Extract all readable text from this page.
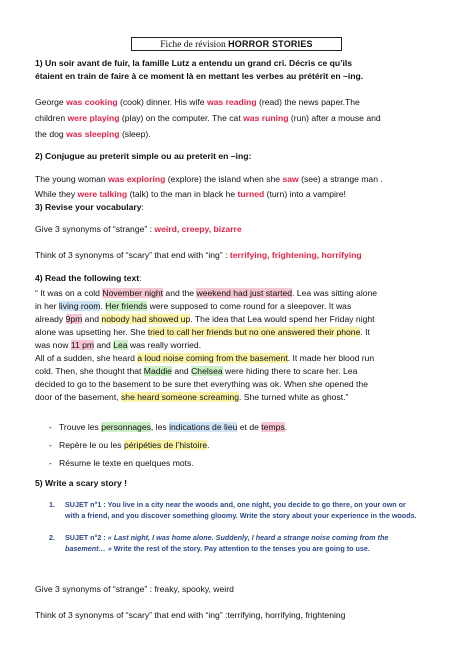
Fiche de révision HORROR STORIES

1) Un soir avant de fuir, la famille Lutz a entendu un grand cri. Décris ce qu’ils

étaient en train de faire à ce moment là en mettant les verbes au prétérit en –ing.

George was cooking (cook) dinner. His wife was reading (read) the news paper.The

children were playing (play) on the computer. The cat was runing (run) after a mouse and

the dog was sleeping (sleep).

2) Conjugue au preterit simple ou au preterit en –ing:

The young woman was exploring (explore) the island when she saw (see) a strange man .

While they were talking (talk) to the man in black he turned (turn) into a vampire!

3) Revise your vocabulary:

Give 3 synonyms of “strange” : weird, creepy, bizarre

Think of 3 synonyms of “scary” that end with “ing” : terrifying, frightening, horrifying

4) Read the following text:

“ It was on a cold November night and the weekend had just started. Lea was sitting alone

in her living room. Her friends were supposed to come round for a sleepover. It was

already 9pm and nobody had showed up. The idea that Lea would spend her Friday night

alone was upsetting her. She tried to call her friends but no one answered their phone. It

was now 11 pm and Lea was really worried.

All of a sudden, she heard a loud noise coming from the basement. It made her blood run

cold. Then, she thought that Maddie and Chelsea were hiding there to scare her. Lea

decided to go to the basement to be sure thet everything was ok. When she opened the

door of the basement, she heard someone screaming. She turned white as ghost.”

- Trouve les personnages, les indications de lieu et de temps.
- Repère le ou les péripéties de l’histoire.
- Résume le texte en quelques mots.

5) Write a scary story !

1. SUJET n°1 : You live in a city near the woods and, one night, you decide to go there, on your own or
with a friend, and you discover something gloomy. Write the story about your experience in the woods.
2. SUJET n°2 : « Last night, I was home alone. Suddenly, I heard a strange noise coming from the
basement… » Write the rest of the story. Pay attention to the tenses you are going to use.

Give 3 synonyms of “strange” : freaky, spooky, weird

Think of 3 synonyms of “scary” that end with “ing” :terrifying, horrifying, frightening
